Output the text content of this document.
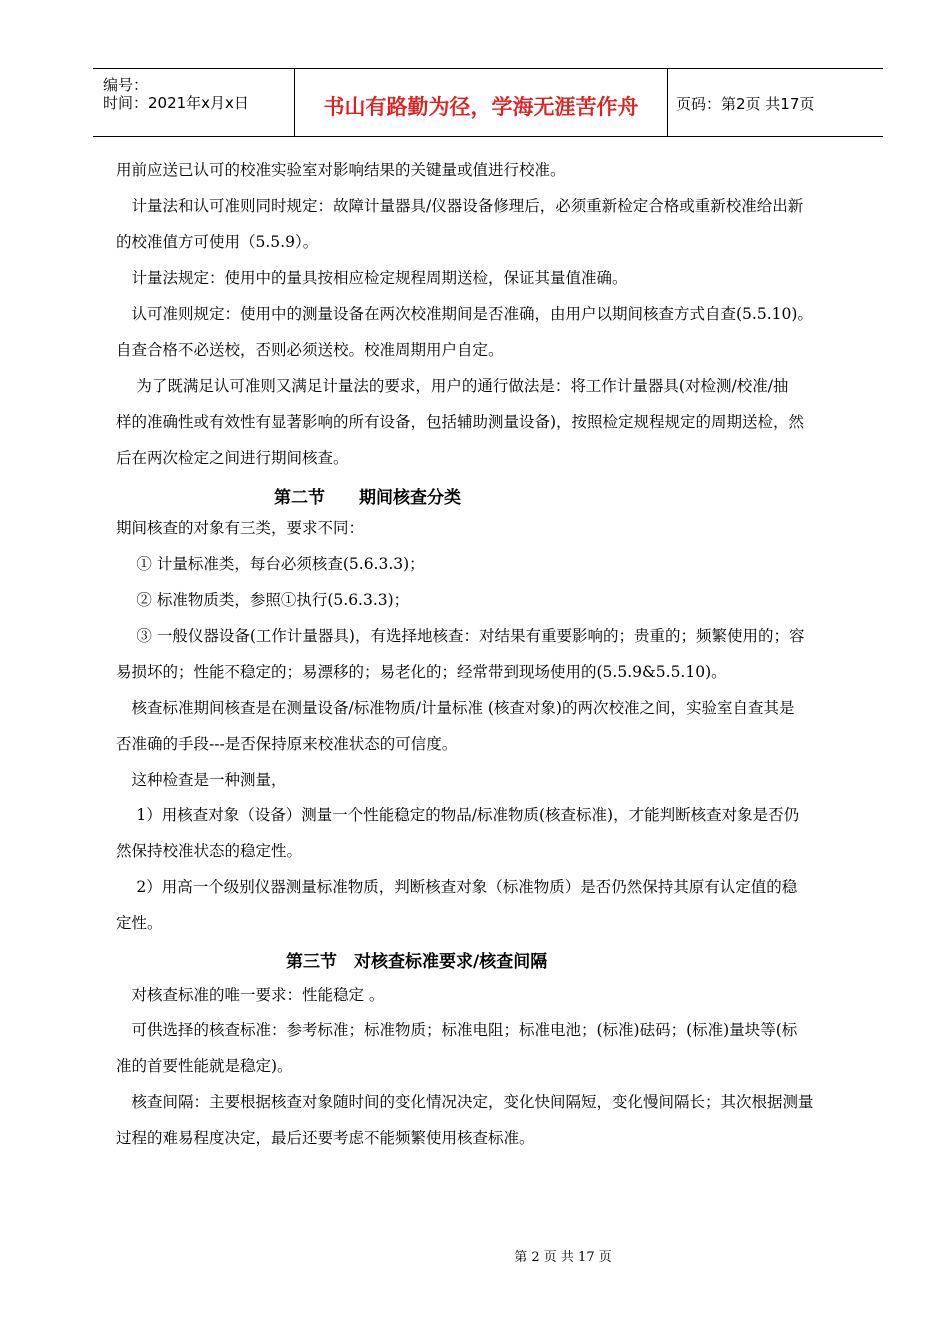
编号：
时间：2021年x月x日	书山有路勤为径，学海无涯苦作舟	页码：第2页 共17页
用前应送已认可的校准实验室对影响结果的关键量或值进行校准。
　计量法和认可准则同时规定：故障计量器具/仪器设备修理后，必须重新检定合格或重新校准给出新
的校准值方可使用（5.5.9）。
　计量法规定：使用中的量具按相应检定规程周期送检，保证其量值准确。
　认可准则规定：使用中的测量设备在两次校准期间是否准确，由用户以期间核查方式自查(5.5.10)。
自查合格不必送校，否则必须送校。校准周期用户自定。
　 为了既满足认可准则又满足计量法的要求，用户的通行做法是：将工作计量器具(对检测/校准/抽
样的准确性或有效性有显著影响的所有设备，包括辅助测量设备)，按照检定规程规定的周期送检，然
后在两次检定之间进行期间核查。
第二节　　期间核查分类
期间核查的对象有三类，要求不同：
　 ① 计量标准类，每台必须核查(5.6.3.3)；
　 ② 标准物质类，参照①执行(5.6.3.3)；
　 ③ 一般仪器设备(工作计量器具)，有选择地核查：对结果有重要影响的；贵重的；频繁使用的；容
易损坏的；性能不稳定的；易漂移的；易老化的；经常带到现场使用的(5.5.9&5.5.10)。
　核查标准期间核查是在测量设备/标准物质/计量标准 (核查对象)的两次校准之间，实验室自查其是
否准确的手段---是否保持原来校准状态的可信度。
　这种检查是一种测量，
　 1）用核查对象（设备）测量一个性能稳定的物品/标准物质(核查标准)，才能判断核查对象是否仍
然保持校准状态的稳定性。
　 2）用高一个级别仪器测量标准物质，判断核查对象（标准物质）是否仍然保持其原有认定值的稳
定性。
第三节　对核查标准要求/核查间隔
　对核查标准的唯一要求：性能稳定 。
　可供选择的核查标准：参考标准；标准物质；标准电阻；标准电池；(标准)砝码；(标准)量块等(标
准的首要性能就是稳定)。
　核查间隔：主要根据核查对象随时间的变化情况决定，变化快间隔短，变化慢间隔长；其次根据测量
过程的难易程度决定，最后还要考虑不能频繁使用核查标准。
第 2 页 共 17 页
